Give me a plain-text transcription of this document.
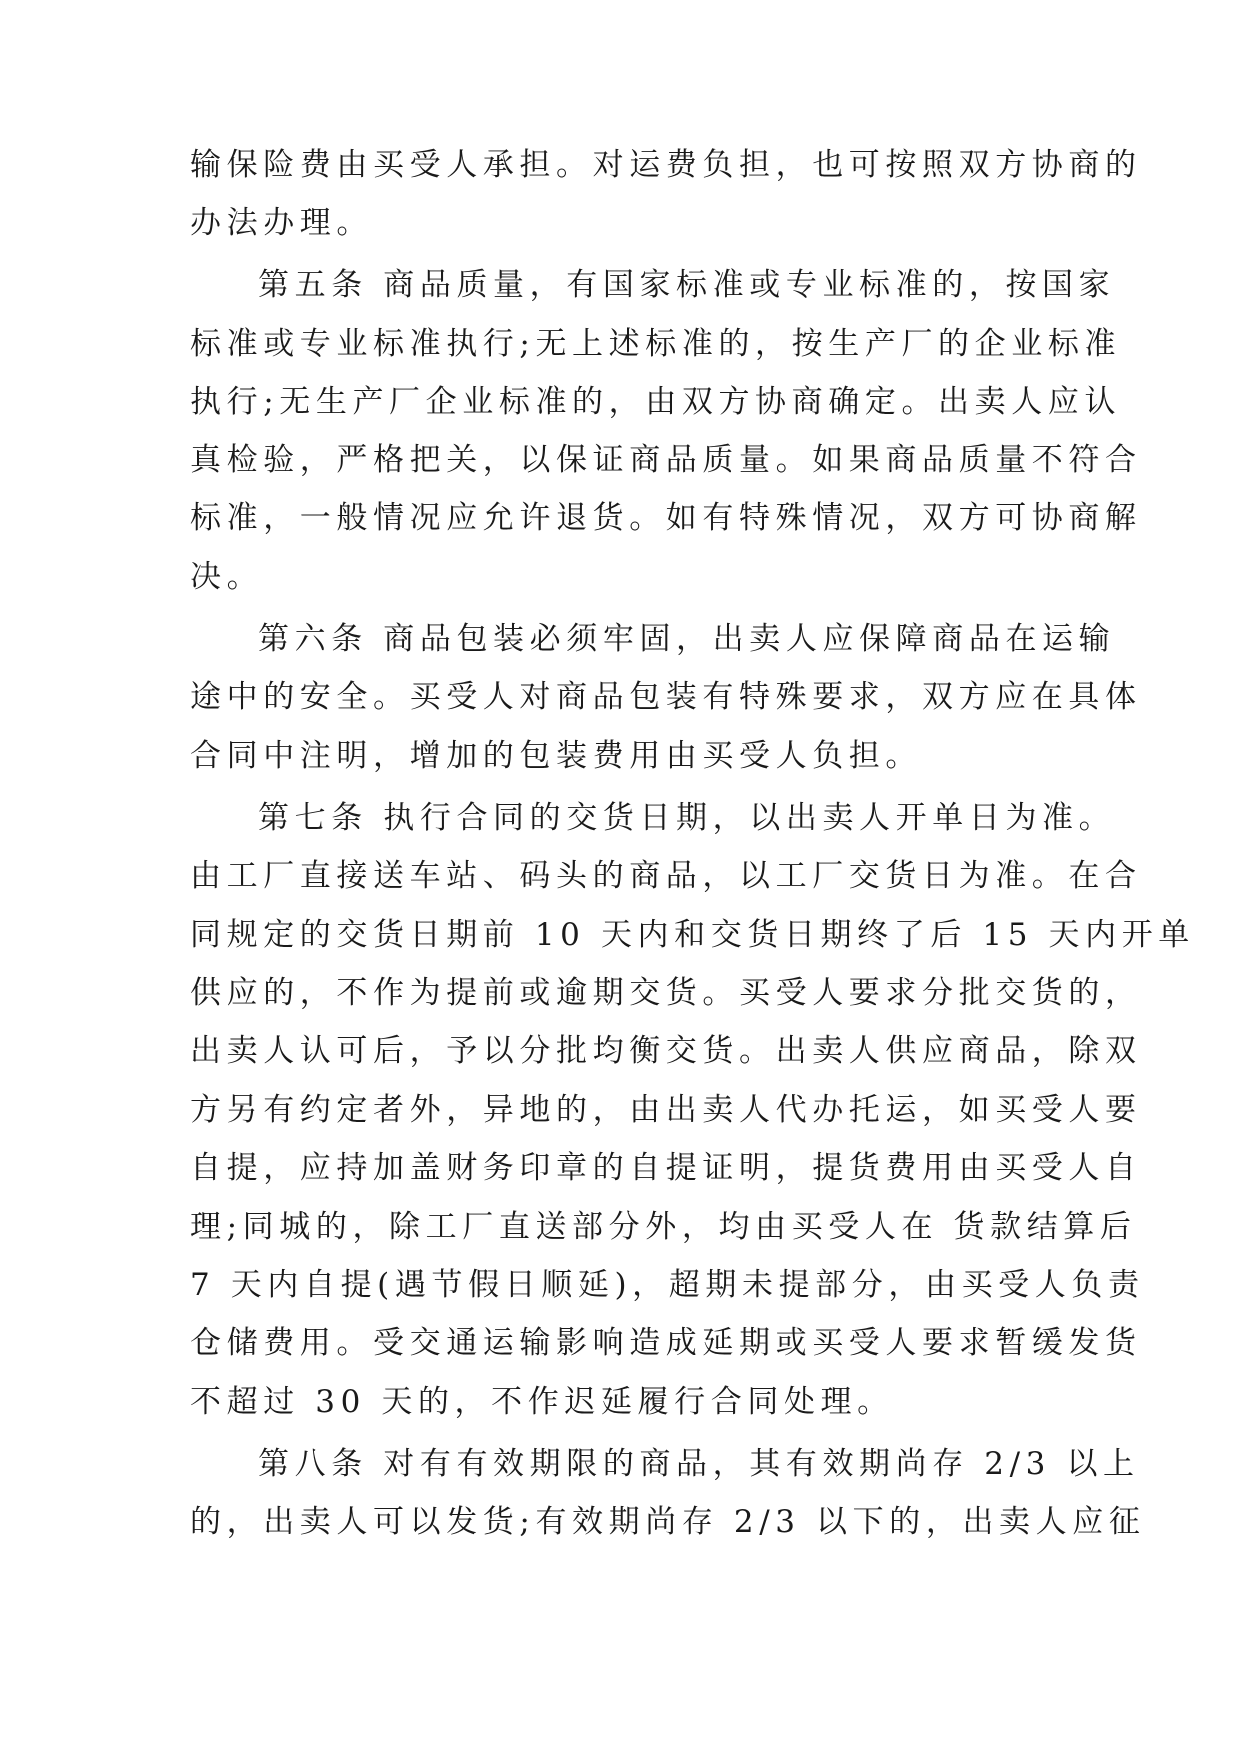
输保险费由买受人承担。对运费负担，也可按照双方协商的
办法办理。
第五条 商品质量，有国家标准或专业标准的，按国家
标准或专业标准执行;无上述标准的，按生产厂的企业标准
执行;无生产厂企业标准的，由双方协商确定。出卖人应认
真检验，严格把关，以保证商品质量。如果商品质量不符合
标准，一般情况应允许退货。如有特殊情况，双方可协商解
决。
第六条 商品包装必须牢固，出卖人应保障商品在运输
途中的安全。买受人对商品包装有特殊要求，双方应在具体
合同中注明，增加的包装费用由买受人负担。
第七条 执行合同的交货日期，以出卖人开单日为准。
由工厂直接送车站、码头的商品，以工厂交货日为准。在合
同规定的交货日期前 10 天内和交货日期终了后 15 天内开单
供应的，不作为提前或逾期交货。买受人要求分批交货的，
出卖人认可后，予以分批均衡交货。出卖人供应商品，除双
方另有约定者外，异地的，由出卖人代办托运，如买受人要
自提，应持加盖财务印章的自提证明，提货费用由买受人自
理;同城的，除工厂直送部分外，均由买受人在 货款结算后
7 天内自提(遇节假日顺延)，超期未提部分，由买受人负责
仓储费用。受交通运输影响造成延期或买受人要求暂缓发货
不超过 30 天的，不作迟延履行合同处理。
第八条 对有有效期限的商品，其有效期尚存 2/3 以上
的，出卖人可以发货;有效期尚存 2/3 以下的，出卖人应征
